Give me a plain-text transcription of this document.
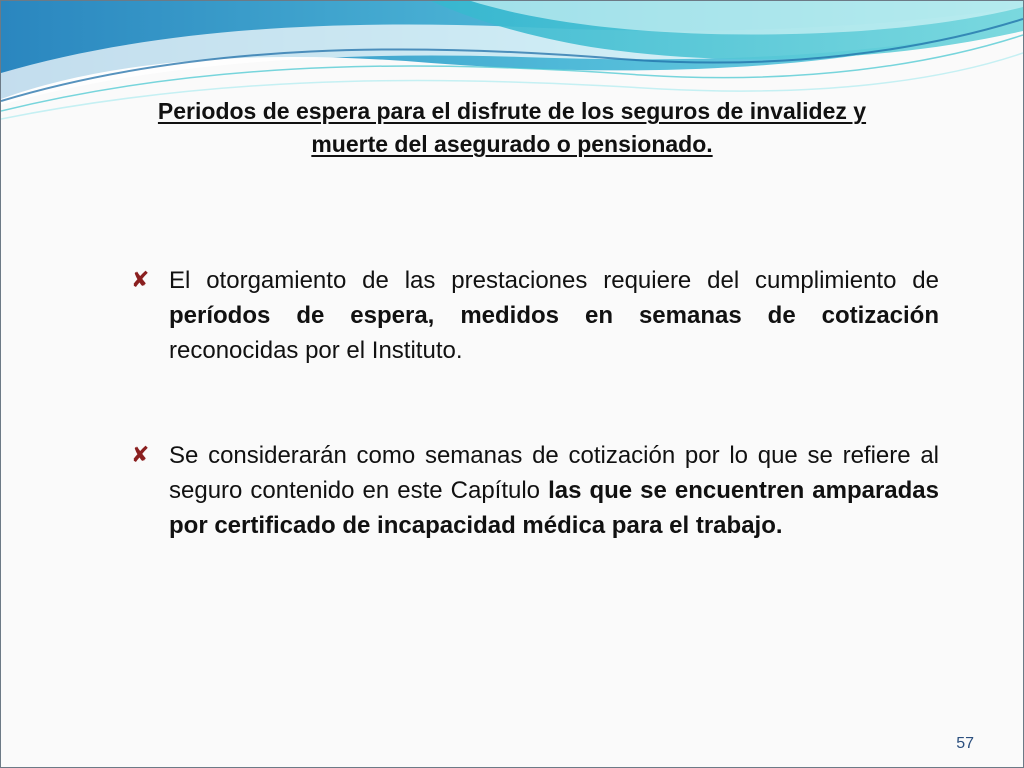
Periodos de espera para el disfrute de los seguros de invalidez y muerte del asegurado o pensionado.
✘ El otorgamiento de las prestaciones requiere del cumplimiento de períodos de espera, medidos en semanas de cotización reconocidas por el Instituto.
✘ Se considerarán como semanas de cotización por lo que se refiere al seguro contenido en este Capítulo las que se encuentren amparadas por certificado de incapacidad médica para el trabajo.
57
